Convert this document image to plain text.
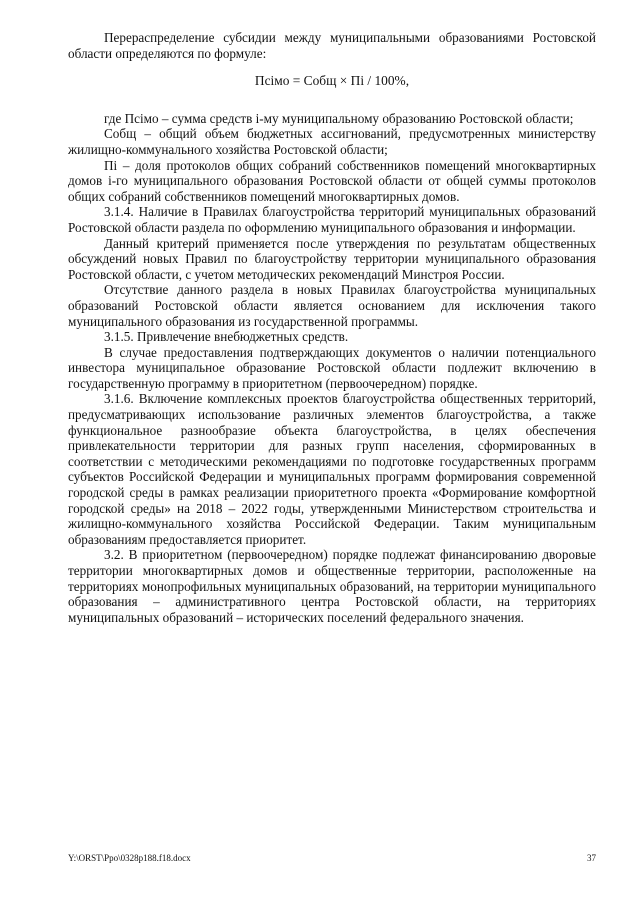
Перераспределение субсидии между муниципальными образованиями Ростовской области определяются по формуле:

Псімо = Собщ × Пі / 100%,

где Псімо – сумма средств і-му муниципальному образованию Ростовской области;

Собщ – общий объем бюджетных ассигнований, предусмотренных министерству жилищно-коммунального хозяйства Ростовской области;

Пі – доля протоколов общих собраний собственников помещений многоквартирных домов і-го муниципального образования Ростовской области от общей суммы протоколов общих собраний собственников помещений многоквартирных домов.

3.1.4. Наличие в Правилах благоустройства территорий муниципальных образований Ростовской области раздела по оформлению муниципального образования и информации.

Данный критерий применяется после утверждения по результатам общественных обсуждений новых Правил по благоустройству территории муниципального образования Ростовской области, с учетом методических рекомендаций Минстроя России.

Отсутствие данного раздела в новых Правилах благоустройства муниципальных образований Ростовской области является основанием для исключения такого муниципального образования из государственной программы.

3.1.5. Привлечение внебюджетных средств.

В случае предоставления подтверждающих документов о наличии потенциального инвестора муниципальное образование Ростовской области подлежит включению в государственную программу в приоритетном (первоочередном) порядке.

3.1.6. Включение комплексных проектов благоустройства общественных территорий, предусматривающих использование различных элементов благоустройства, а также функциональное разнообразие объекта благоустройства, в целях обеспечения привлекательности территории для разных групп населения, сформированных в соответствии с методическими рекомендациями по подготовке государственных программ субъектов Российской Федерации и муниципальных программ формирования современной городской среды в рамках реализации приоритетного проекта «Формирование комфортной городской среды» на 2018 – 2022 годы, утвержденными Министерством строительства и жилищно-коммунального хозяйства Российской Федерации. Таким муниципальным образованиям предоставляется приоритет.

3.2. В приоритетном (первоочередном) порядке подлежат финансированию дворовые территории многоквартирных домов и общественные территории, расположенные на территориях монопрофильных муниципальных образований, на территории муниципального образования – административного центра Ростовской области, на территориях муниципальных образований – исторических поселений федерального значения.

Y:\ORST\Ppo\0328p188.f18.docx	37
